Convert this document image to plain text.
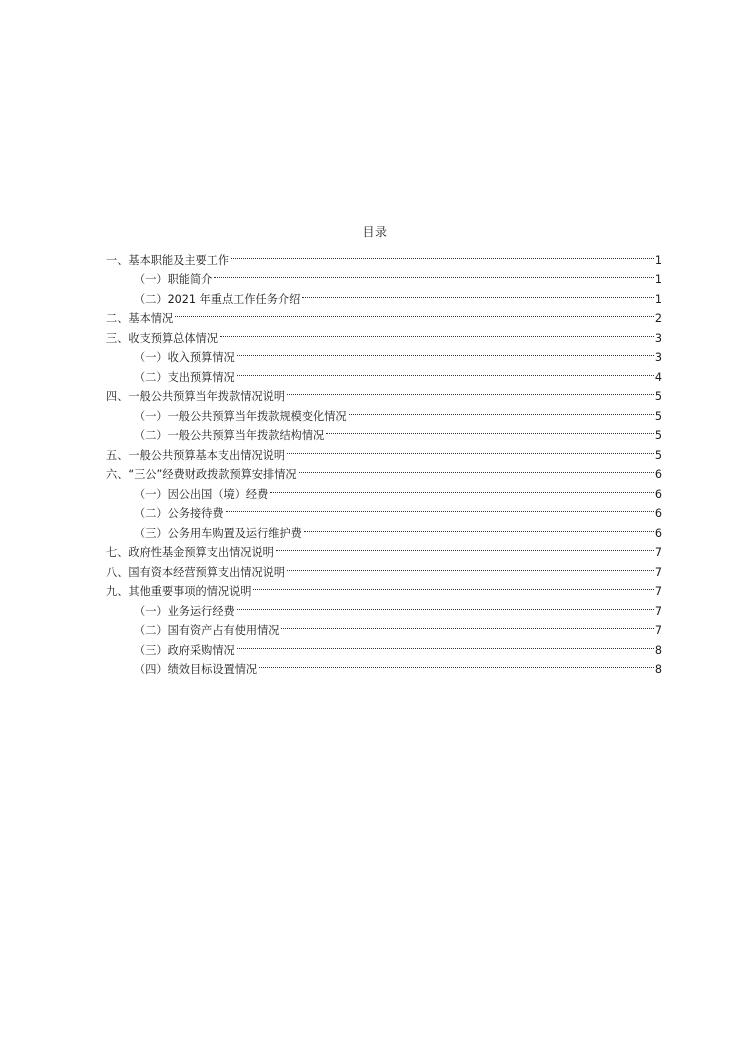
目录
一、基本职能及主要工作	1
（一）职能简介	1
（二）2021 年重点工作任务介绍	1
二、基本情况	2
三、收支预算总体情况	3
（一）收入预算情况	3
（二）支出预算情况	4
四、一般公共预算当年拨款情况说明	5
（一）一般公共预算当年拨款规模变化情况	5
（二）一般公共预算当年拨款结构情况	5
五、一般公共预算基本支出情况说明	5
六、“三公”经费财政拨款预算安排情况	6
（一）因公出国（境）经费	6
（二）公务接待费	6
（三）公务用车购置及运行维护费	6
七、政府性基金预算支出情况说明	7
八、国有资本经营预算支出情况说明	7
九、其他重要事项的情况说明	7
（一）业务运行经费	7
（二）国有资产占有使用情况	7
（三）政府采购情况	8
（四）绩效目标设置情况	8
